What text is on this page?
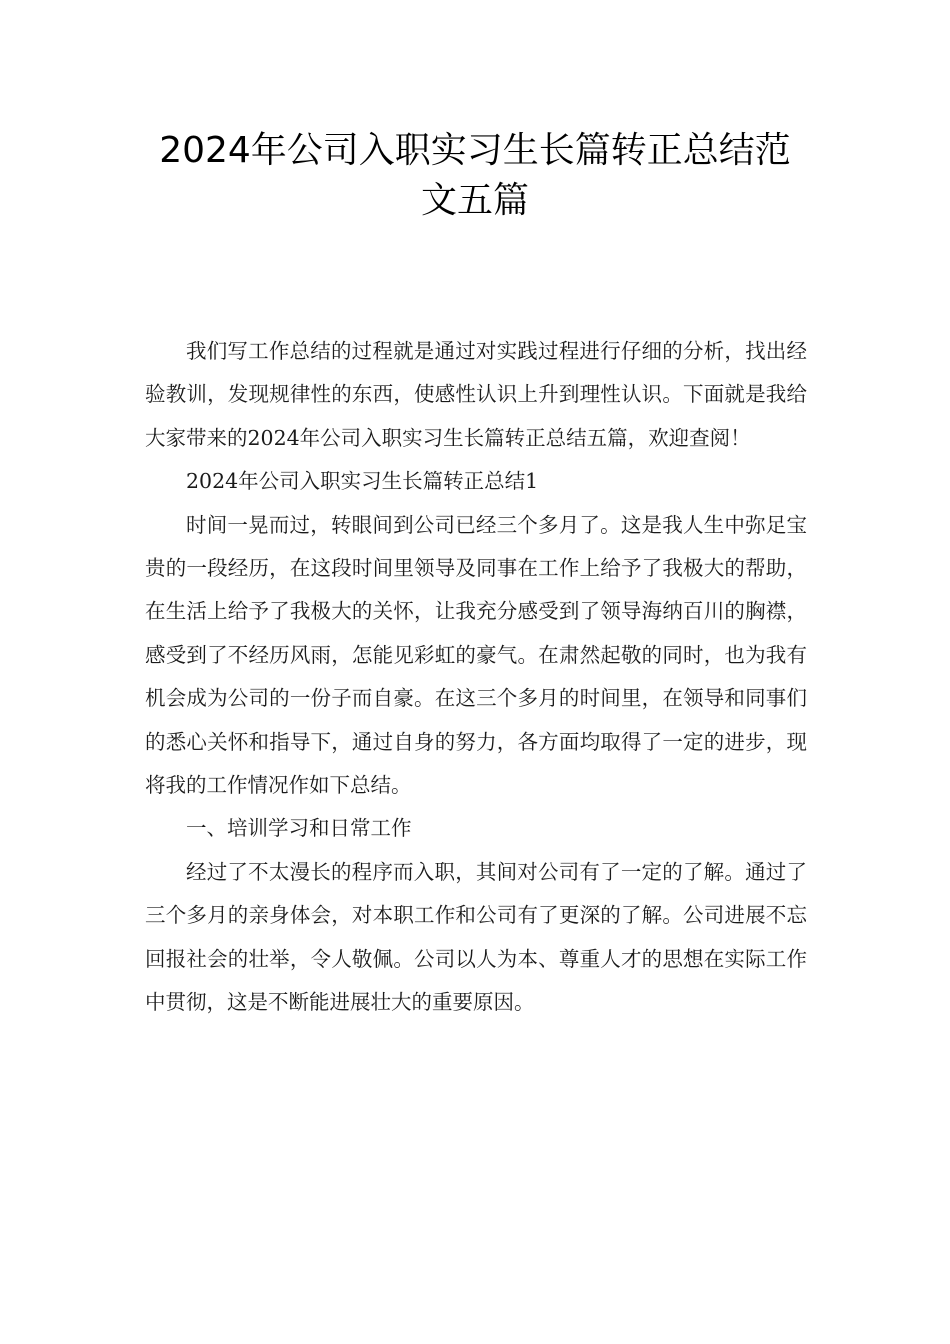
2024年公司入职实习生长篇转正总结范
文五篇

我们写工作总结的过程就是通过对实践过程进行仔细的分析，找出经验教训，发现规律性的东西，使感性认识上升到理性认识。下面就是我给大家带来的2024年公司入职实习生长篇转正总结五篇，欢迎查阅！

2024年公司入职实习生长篇转正总结1

时间一晃而过，转眼间到公司已经三个多月了。这是我人生中弥足宝贵的一段经历，在这段时间里领导及同事在工作上给予了我极大的帮助，在生活上给予了我极大的关怀，让我充分感受到了领导海纳百川的胸襟，感受到了不经历风雨，怎能见彩虹的豪气。在肃然起敬的同时，也为我有机会成为公司的一份子而自豪。在这三个多月的时间里，在领导和同事们的悉心关怀和指导下，通过自身的努力，各方面均取得了一定的进步，现将我的工作情况作如下总结。

一、培训学习和日常工作

经过了不太漫长的程序而入职，其间对公司有了一定的了解。通过了三个多月的亲身体会，对本职工作和公司有了更深的了解。公司进展不忘回报社会的壮举，令人敬佩。公司以人为本、尊重人才的思想在实际工作中贯彻，这是不断能进展壮大的重要原因。
